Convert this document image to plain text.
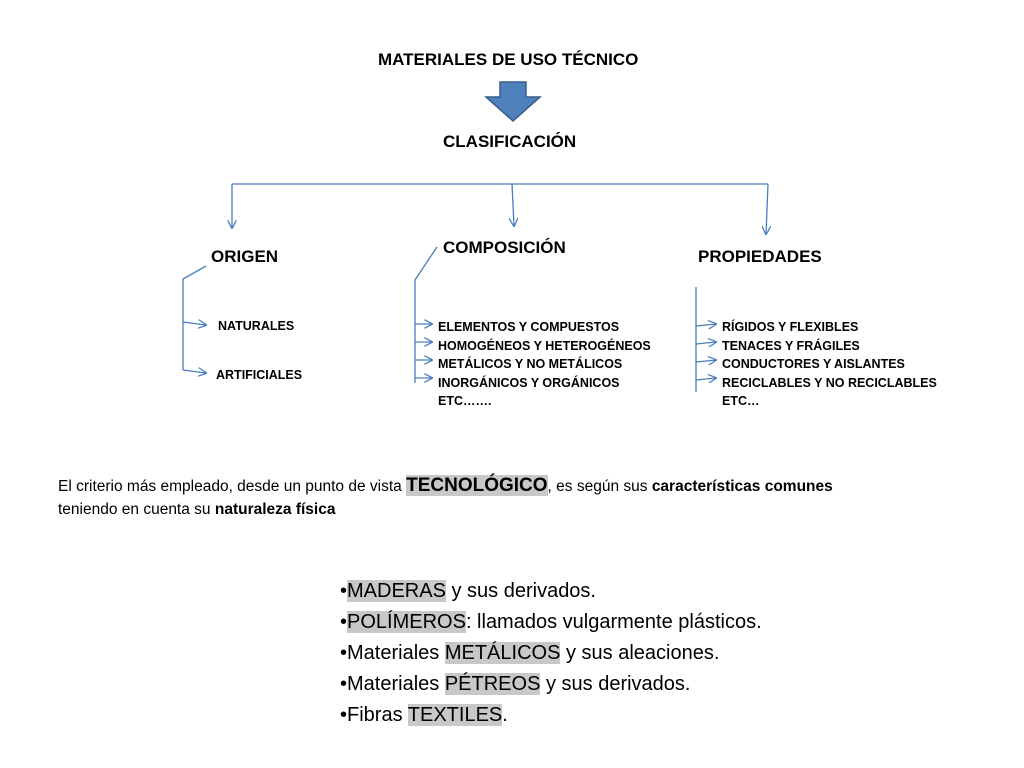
MATERIALES DE USO TÉCNICO
CLASIFICACIÓN
ORIGEN	COMPOSICIÓN	PROPIEDADES
NATURALES
ARTIFICIALES
ELEMENTOS Y COMPUESTOS
HOMOGÉNEOS Y HETEROGÉNEOS
METÁLICOS Y NO METÁLICOS
INORGÁNICOS Y ORGÁNICOS
ETC…….
RÍGIDOS Y FLEXIBLES
TENACES Y FRÁGILES
CONDUCTORES Y AISLANTES
RECICLABLES Y NO RECICLABLES
ETC…
El criterio más empleado, desde un punto de vista TECNOLÓGICO, es según sus características comunes
teniendo en cuenta su naturaleza física
•MADERAS y sus derivados.
•POLÍMEROS: llamados vulgarmente plásticos.
•Materiales METÁLICOS y sus aleaciones.
•Materiales PÉTREOS y sus derivados.
•Fibras TEXTILES.
